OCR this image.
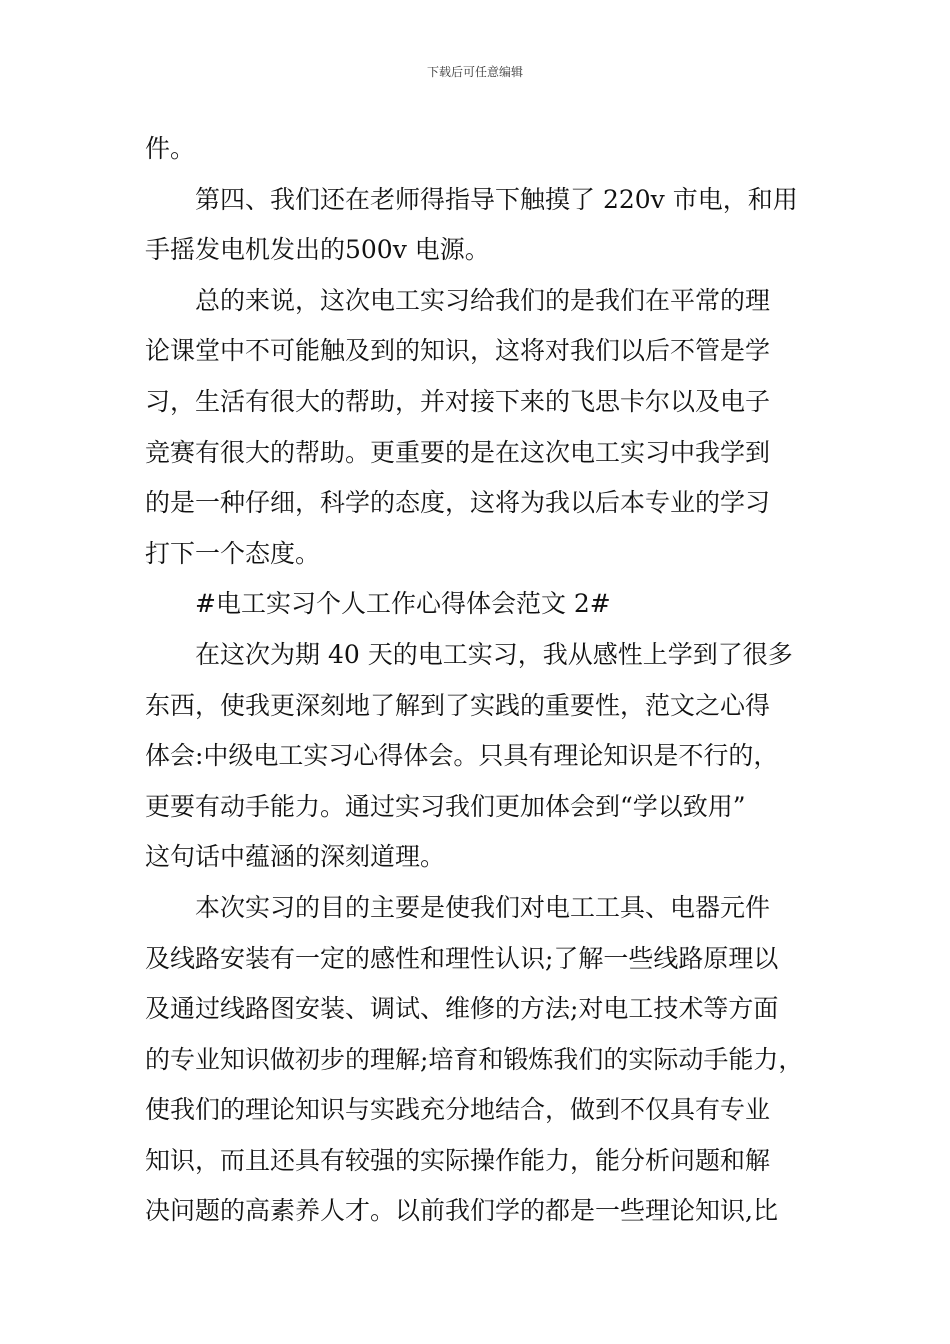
下载后可任意编辑
件。
第四、我们还在老师得指导下触摸了 220v 市电，和用
手摇发电机发出的500v 电源。
总的来说，这次电工实习给我们的是我们在平常的理
论课堂中不可能触及到的知识，这将对我们以后不管是学
习，生活有很大的帮助，并对接下来的飞思卡尔以及电子
竞赛有很大的帮助。更重要的是在这次电工实习中我学到
的是一种仔细，科学的态度，这将为我以后本专业的学习
打下一个态度。
#电工实习个人工作心得体会范文 2#
在这次为期 40 天的电工实习，我从感性上学到了很多
东西，使我更深刻地了解到了实践的重要性，范文之心得
体会:中级电工实习心得体会。只具有理论知识是不行的，
更要有动手能力。通过实习我们更加体会到“学以致用”
这句话中蕴涵的深刻道理。
本次实习的目的主要是使我们对电工工具、电器元件
及线路安装有一定的感性和理性认识;了解一些线路原理以
及通过线路图安装、调试、维修的方法;对电工技术等方面
的专业知识做初步的理解;培育和锻炼我们的实际动手能力，
使我们的理论知识与实践充分地结合，做到不仅具有专业
知识，而且还具有较强的实际操作能力，能分析问题和解
决问题的高素养人才。以前我们学的都是一些理论知识,比
